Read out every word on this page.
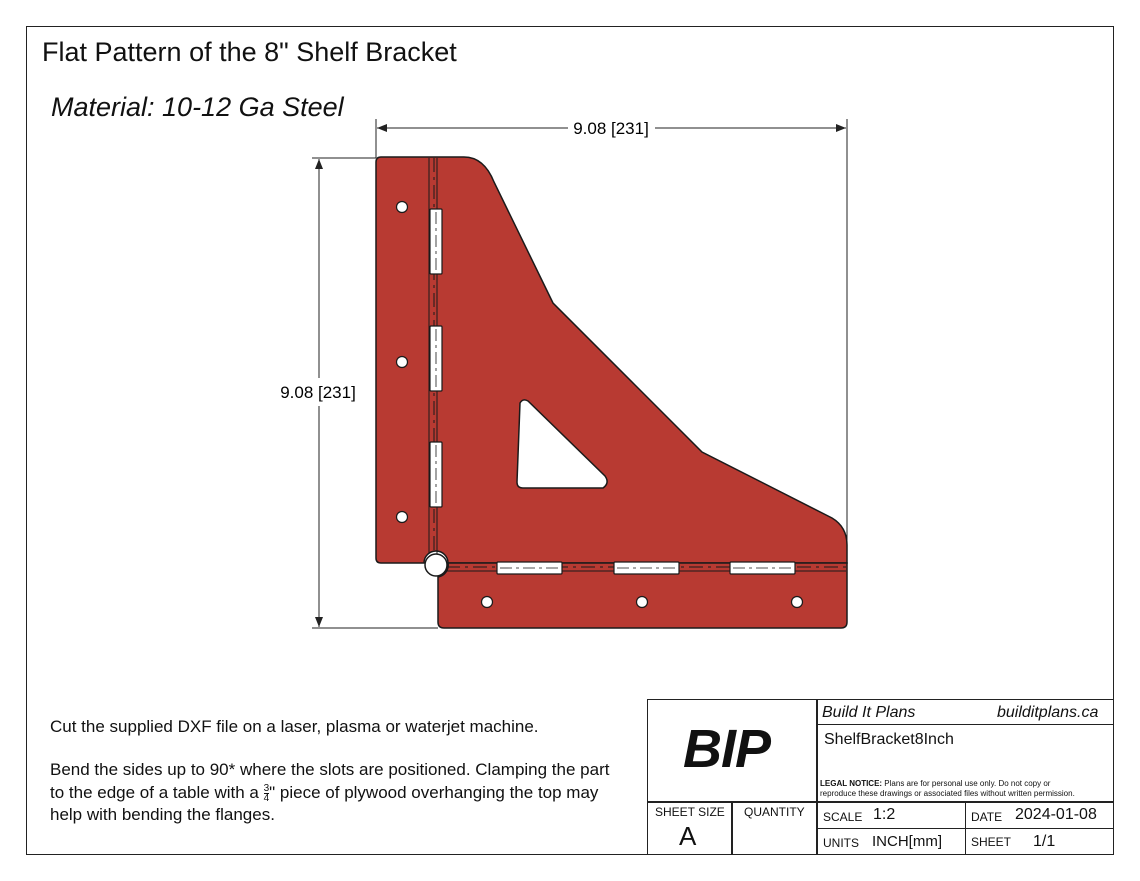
Flat Pattern of the 8" Shelf Bracket
Material: 10-12 Ga Steel
9.08 [231]
9.08 [231]
Cut the supplied DXF file on a laser, plasma or waterjet machine.
Bend the sides up to 90* where the slots are positioned. Clamping the part
to the edge of a table with a $\frac{3}{4}$ " piece of plywood overhanging the top may
help with bending the flanges.
BIP
Build It Plans	builditplans.ca
ShelfBracket8Inch
LEGAL NOTICE: Plans are for personal use only. Do not copy or
reproduce these drawings or associated files without written permission.
SHEET SIZE
A
QUANTITY SCALE 1:2	DATE 2024-01-08
UNITS INCH[mm] SHEET 1/1
